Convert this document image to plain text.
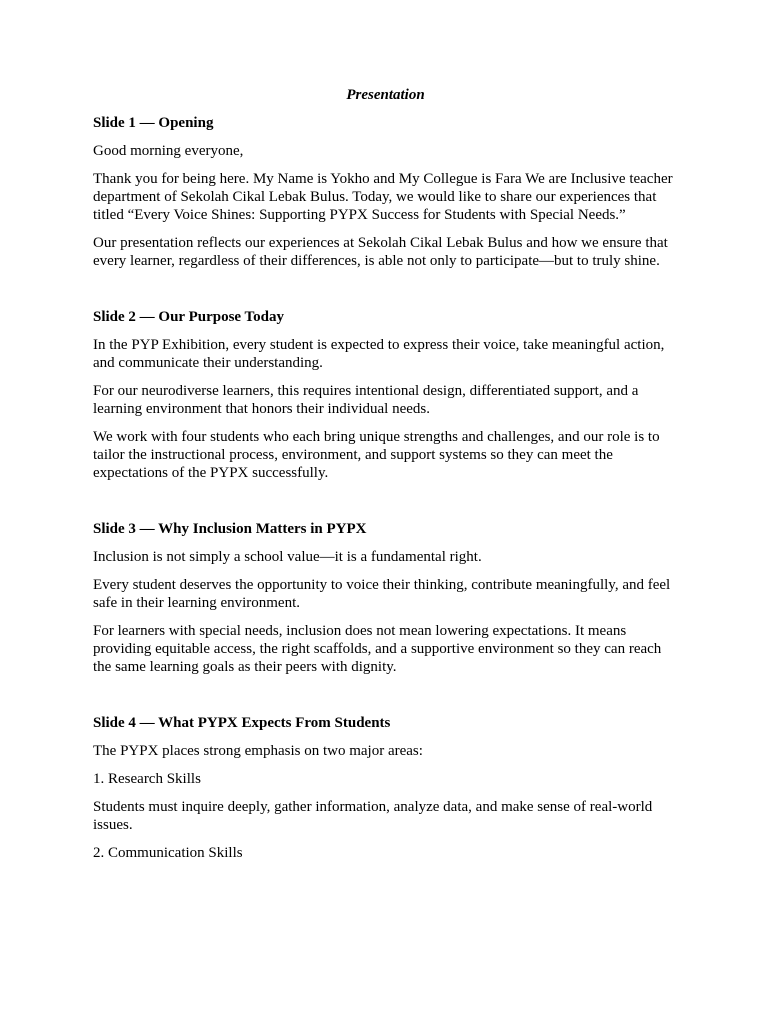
Presentation
Slide 1 — Opening

Good morning everyone,

Thank you for being here. My Name is Yokho and My Collegue is Fara We are Inclusive teacher department of Sekolah Cikal Lebak Bulus. Today, we would like to share our experiences that titled “Every Voice Shines: Supporting PYPX Success for Students with Special Needs.”

Our presentation reflects our experiences at Sekolah Cikal Lebak Bulus and how we ensure that every learner, regardless of their differences, is able not only to participate—but to truly shine.

Slide 2 — Our Purpose Today

In the PYP Exhibition, every student is expected to express their voice, take meaningful action, and communicate their understanding.

For our neurodiverse learners, this requires intentional design, differentiated support, and a learning environment that honors their individual needs.

We work with four students who each bring unique strengths and challenges, and our role is to tailor the instructional process, environment, and support systems so they can meet the expectations of the PYPX successfully.

Slide 3 — Why Inclusion Matters in PYPX

Inclusion is not simply a school value—it is a fundamental right.

Every student deserves the opportunity to voice their thinking, contribute meaningfully, and feel safe in their learning environment.

For learners with special needs, inclusion does not mean lowering expectations. It means providing equitable access, the right scaffolds, and a supportive environment so they can reach the same learning goals as their peers with dignity.

Slide 4 — What PYPX Expects From Students

The PYPX places strong emphasis on two major areas:

1. Research Skills

Students must inquire deeply, gather information, analyze data, and make sense of real-world issues.

2. Communication Skills
